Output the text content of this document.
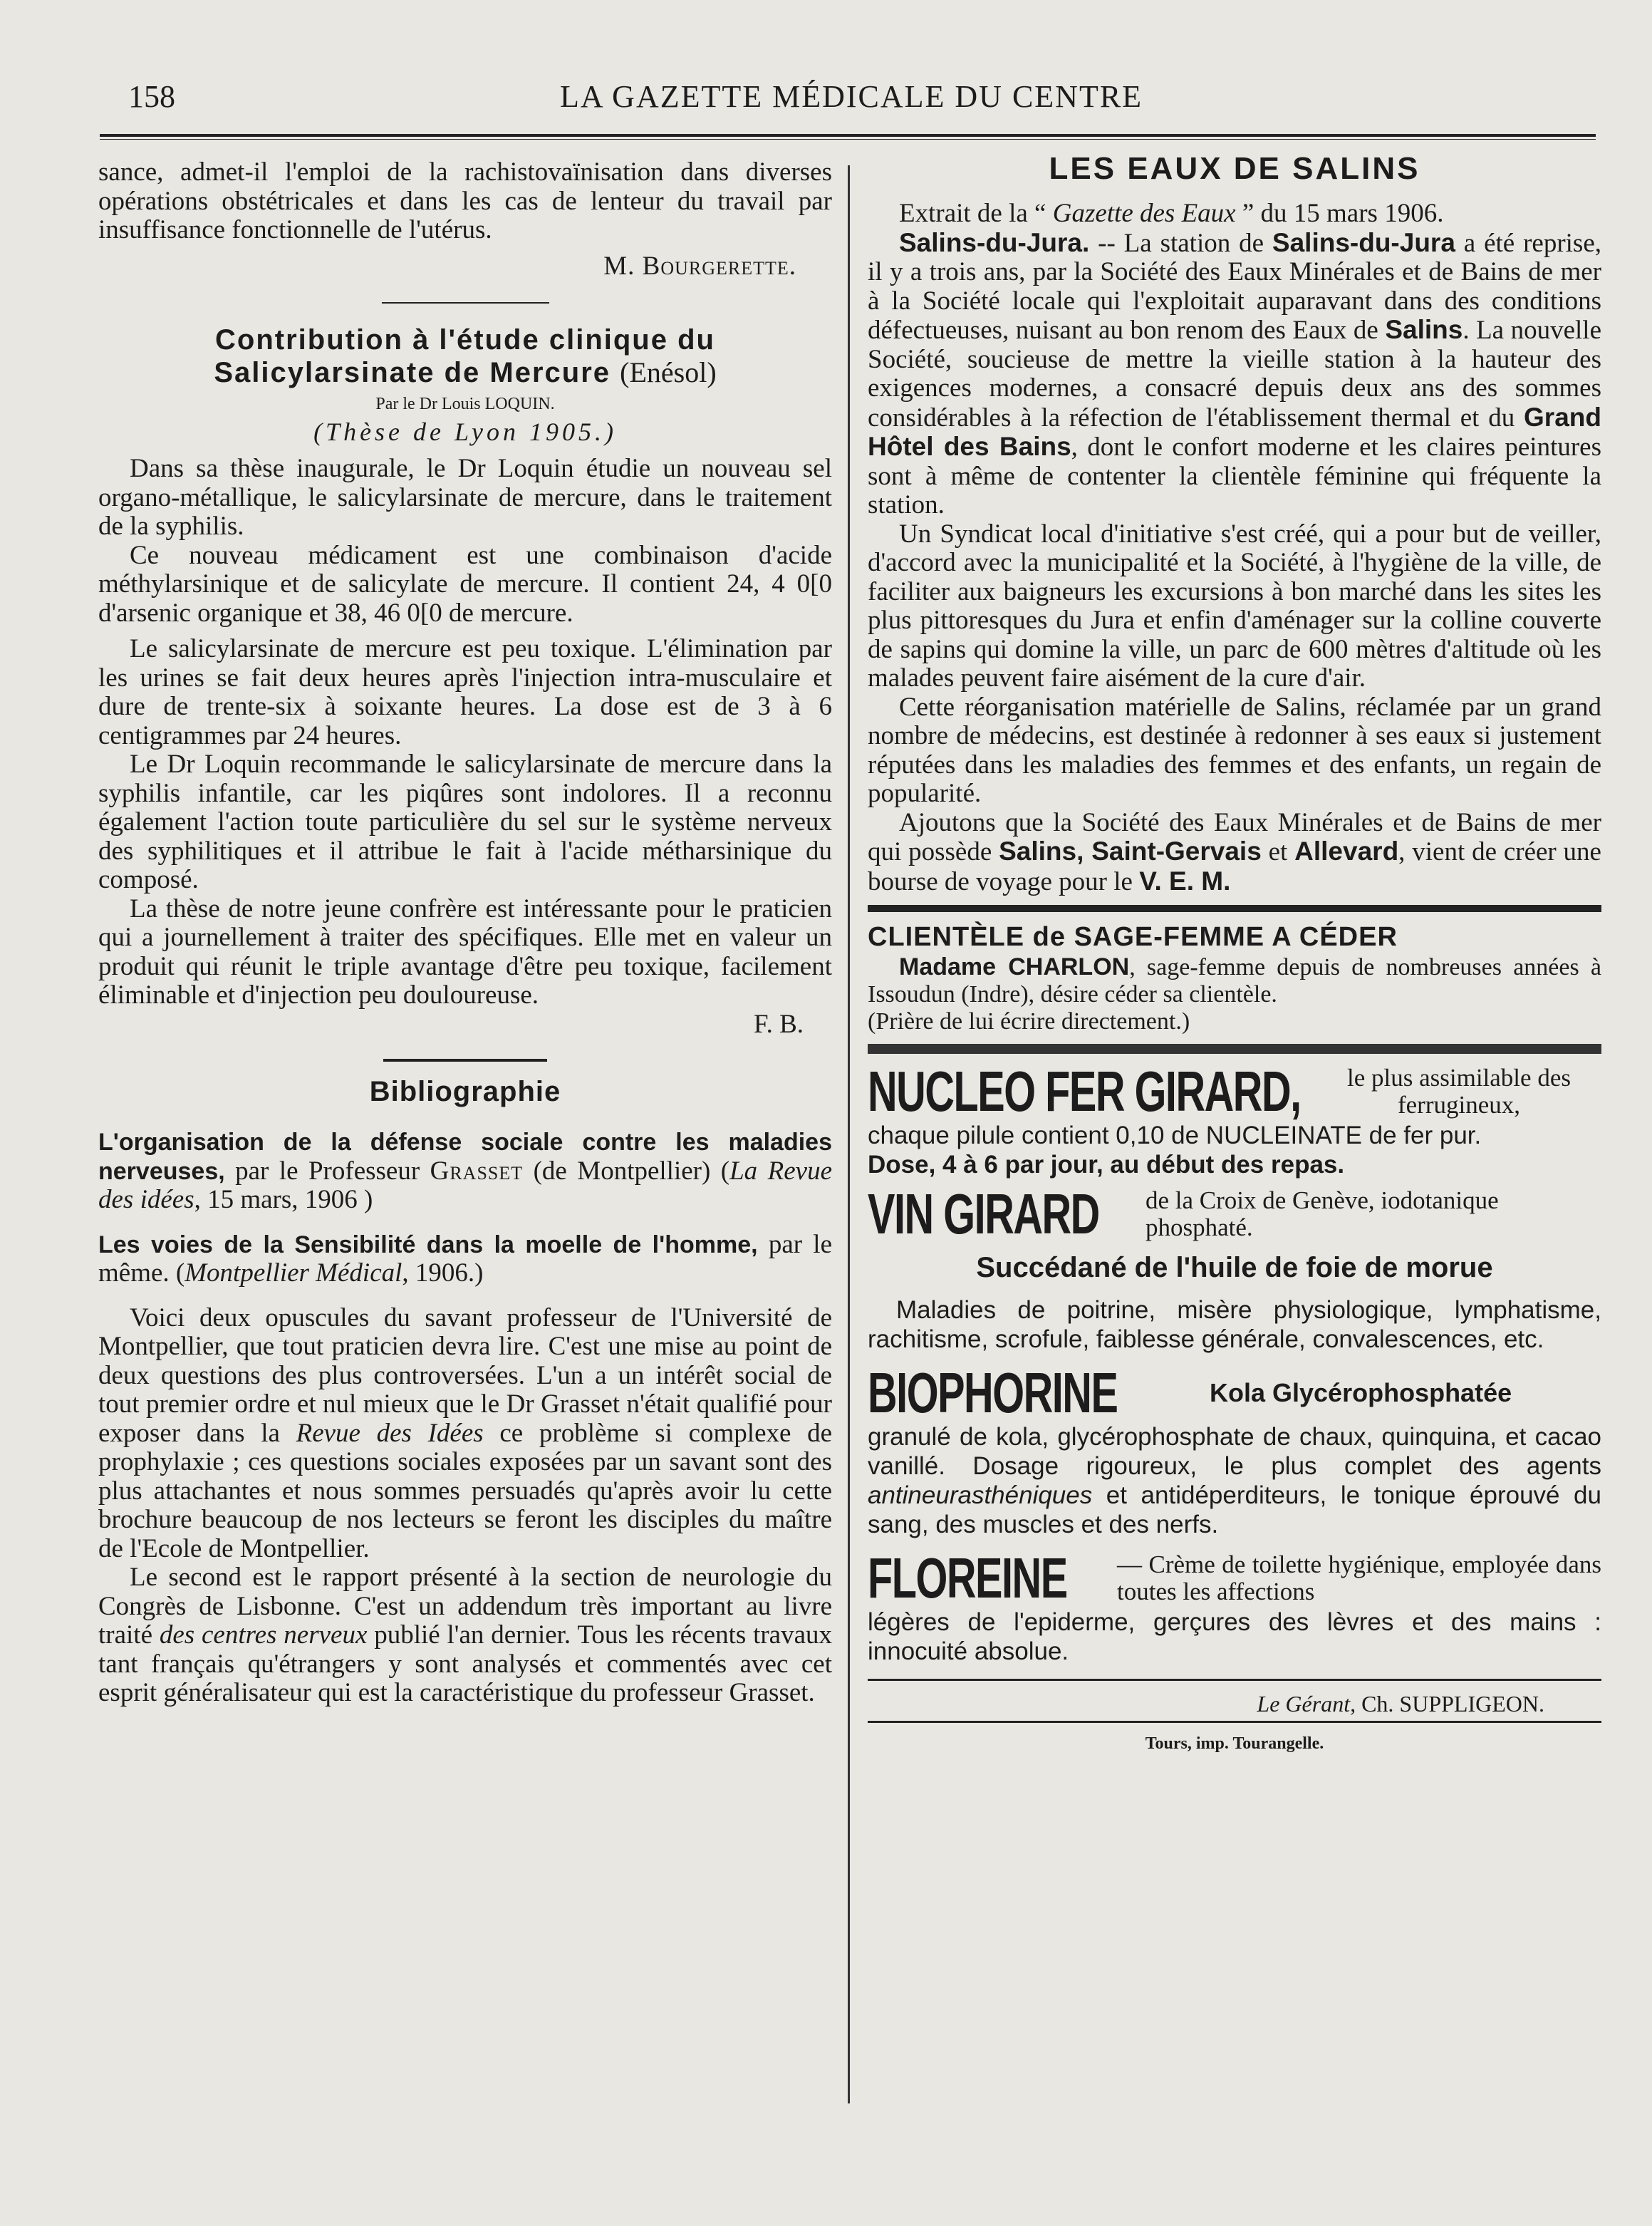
158	LA GAZETTE MÉDICALE DU CENTRE

sance, admet-il l'emploi de la rachistovaïnisation dans diverses opérations obstétricales et dans les cas de lenteur du travail par insuffisance fonctionnelle de l'utérus.

M. Bourgerette.

Contribution à l'étude clinique du
Salicylarsinate de Mercure (Enésol)
Par le Dr Louis LOQUIN.
(Thèse de Lyon 1905.)

Dans sa thèse inaugurale, le Dr Loquin étudie un nouveau sel organo-métallique, le salicylarsinate de mercure, dans le traitement de la syphilis.

Ce nouveau médicament est une combinaison d'acide méthylarsinique et de salicylate de mercure. Il contient 24, 4 0[0 d'arsenic organique et 38, 46 0[0 de mercure.

Le salicylarsinate de mercure est peu toxique. L'élimination par les urines se fait deux heures après l'injection intra-musculaire et dure de trente-six à soixante heures. La dose est de 3 à 6 centigrammes par 24 heures.

Le Dr Loquin recommande le salicylarsinate de mercure dans la syphilis infantile, car les piqûres sont indolores. Il a reconnu également l'action toute particulière du sel sur le système nerveux des syphilitiques et il attribue le fait à l'acide métharsinique du composé.

La thèse de notre jeune confrère est intéressante pour le praticien qui a journellement à traiter des spécifiques. Elle met en valeur un produit qui réunit le triple avantage d'être peu toxique, facilement éliminable et d'injection peu douloureuse.

F. B.

Bibliographie

L'organisation de la défense sociale contre les maladies nerveuses, par le Professeur Grasset (de Montpellier) (La Revue des idées, 15 mars, 1906 )

Les voies de la Sensibilité dans la moelle de l'homme, par le même. (Montpellier Médical, 1906.)

Voici deux opuscules du savant professeur de l'Université de Montpellier, que tout praticien devra lire. C'est une mise au point de deux questions des plus controversées. L'un a un intérêt social de tout premier ordre et nul mieux que le Dr Grasset n'était qualifié pour exposer dans la Revue des Idées ce problème si complexe de prophylaxie ; ces questions sociales exposées par un savant sont des plus attachantes et nous sommes persuadés qu'après avoir lu cette brochure beaucoup de nos lecteurs se feront les disciples du maître de l'Ecole de Montpellier.

Le second est le rapport présenté à la section de neurologie du Congrès de Lisbonne. C'est un addendum très important au livre traité des centres nerveux publié l'an dernier. Tous les récents travaux tant français qu'étrangers y sont analysés et commentés avec cet esprit généralisateur qui est la caractéristique du professeur Grasset.

LES EAUX DE SALINS

Extrait de la “ Gazette des Eaux ” du 15 mars 1906.

Salins-du-Jura. -- La station de Salins-du-Jura a été reprise, il y a trois ans, par la Société des Eaux Minérales et de Bains de mer à la Société locale qui l'exploitait auparavant dans des conditions défectueuses, nuisant au bon renom des Eaux de Salins. La nouvelle Société, soucieuse de mettre la vieille station à la hauteur des exigences modernes, a consacré depuis deux ans des sommes considérables à la réfection de l'établissement thermal et du Grand Hôtel des Bains, dont le confort moderne et les claires peintures sont à même de contenter la clientèle féminine qui fréquente la station.

Un Syndicat local d'initiative s'est créé, qui a pour but de veiller, d'accord avec la municipalité et la Société, à l'hygiène de la ville, de faciliter aux baigneurs les excursions à bon marché dans les sites les plus pittoresques du Jura et enfin d'aménager sur la colline couverte de sapins qui domine la ville, un parc de 600 mètres d'altitude où les malades peuvent faire aisément de la cure d'air.

Cette réorganisation matérielle de Salins, réclamée par un grand nombre de médecins, est destinée à redonner à ses eaux si justement réputées dans les maladies des femmes et des enfants, un regain de popularité.

Ajoutons que la Société des Eaux Minérales et de Bains de mer qui possède Salins, Saint-Gervais et Allevard, vient de créer une bourse de voyage pour le V. E. M.

CLIENTÈLE de SAGE-FEMME A CÉDER

Madame CHARLON, sage-femme depuis de nombreuses années à Issoudun (Indre), désire céder sa clientèle.

(Prière de lui écrire directement.)

NUCLEO FER GIRARD,	le plus assimilable des ferrugineux,
chaque pilule contient 0,10 de NUCLEINATE de fer pur.
Dose, 4 à 6 par jour, au début des repas.
VIN GIRARD	de la Croix de Genève, iodotanique phosphaté.
Succédané de l'huile de foie de morue
Maladies de poitrine, misère physiologique, lymphatisme, rachitisme, scrofule, faiblesse générale, convalescences, etc.
BIOPHORINE	Kola Glycérophosphatée
granulé de kola, glycérophosphate de chaux, quinquina, et cacao vanillé. Dosage rigoureux, le plus complet des agents antineurasthéniques et antidéperditeurs, le tonique éprouvé du sang, des muscles et des nerfs.
FLOREINE	— Crème de toilette hygiénique, employée dans toutes les affections
légères de l'epiderme, gerçures des lèvres et des mains : innocuité absolue.
Le Gérant, Ch. SUPPLIGEON.
Tours, imp. Tourangelle.
